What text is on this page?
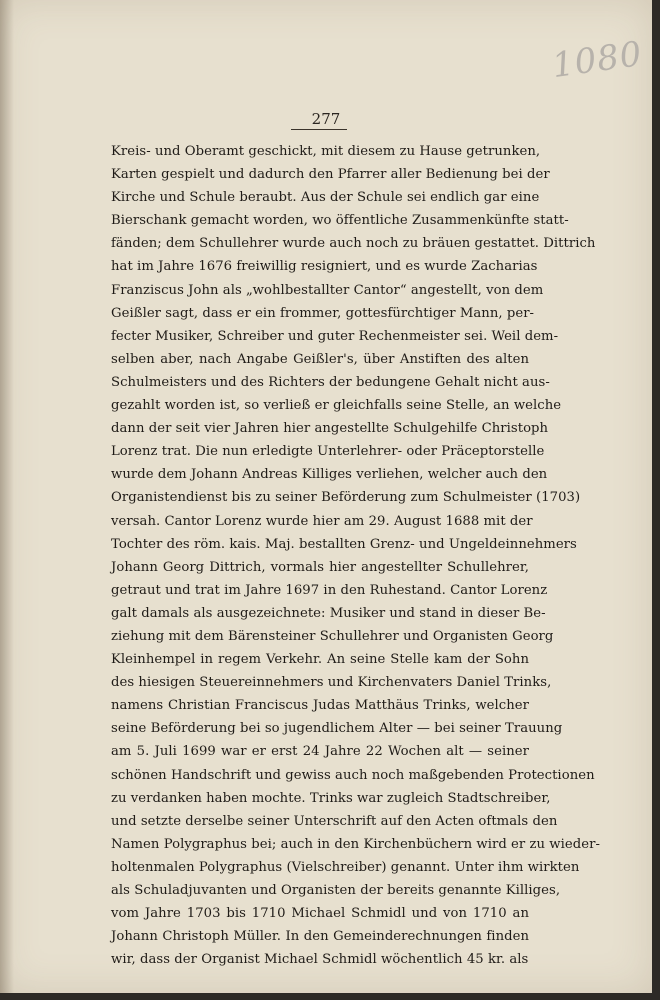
1080
277
Kreis- und Oberamt geschickt, mit diesem zu Hause getrunken,
Karten gespielt und dadurch den Pfarrer aller Bedienung bei der
Kirche und Schule beraubt. Aus der Schule sei endlich gar eine
Bierschank gemacht worden, wo öffentliche Zusammenkünfte statt-
fänden; dem Schullehrer wurde auch noch zu bräuen gestattet. Dittrich
hat im Jahre 1676 freiwillig resigniert, und es wurde Zacharias
Franziscus John als „wohlbestallter Cantor“ angestellt, von dem
Geißler sagt, dass er ein frommer, gottesfürchtiger Mann, per-
fecter Musiker, Schreiber und guter Rechenmeister sei. Weil dem-
selben aber, nach Angabe Geißler's, über Anstiften des alten
Schulmeisters und des Richters der bedungene Gehalt nicht aus-
gezahlt worden ist, so verließ er gleichfalls seine Stelle, an welche
dann der seit vier Jahren hier angestellte Schulgehilfe Christoph
Lorenz trat. Die nun erledigte Unterlehrer- oder Präceptorstelle
wurde dem Johann Andreas Killiges verliehen, welcher auch den
Organistendienst bis zu seiner Beförderung zum Schulmeister (1703)
versah. Cantor Lorenz wurde hier am 29. August 1688 mit der
Tochter des röm. kais. Maj. bestallten Grenz- und Ungeldeinnehmers
Johann Georg Dittrich, vormals hier angestellter Schullehrer,
getraut und trat im Jahre 1697 in den Ruhestand. Cantor Lorenz
galt damals als ausgezeichnete: Musiker und stand in dieser Be-
ziehung mit dem Bärensteiner Schullehrer und Organisten Georg
Kleinhempel in regem Verkehr. An seine Stelle kam der Sohn
des hiesigen Steuereinnehmers und Kirchenvaters Daniel Trinks,
namens Christian Franciscus Judas Matthäus Trinks, welcher
seine Beförderung bei so jugendlichem Alter — bei seiner Trauung
am 5. Juli 1699 war er erst 24 Jahre 22 Wochen alt — seiner
schönen Handschrift und gewiss auch noch maßgebenden Protectionen
zu verdanken haben mochte. Trinks war zugleich Stadtschreiber,
und setzte derselbe seiner Unterschrift auf den Acten oftmals den
Namen Polygraphus bei; auch in den Kirchenbüchern wird er zu wieder-
holtenmalen Polygraphus (Vielschreiber) genannt. Unter ihm wirkten
als Schuladjuvanten und Organisten der bereits genannte Killiges,
vom Jahre 1703 bis 1710 Michael Schmidl und von 1710 an
Johann Christoph Müller. In den Gemeinderechnungen finden
wir, dass der Organist Michael Schmidl wöchentlich 45 kr. als
